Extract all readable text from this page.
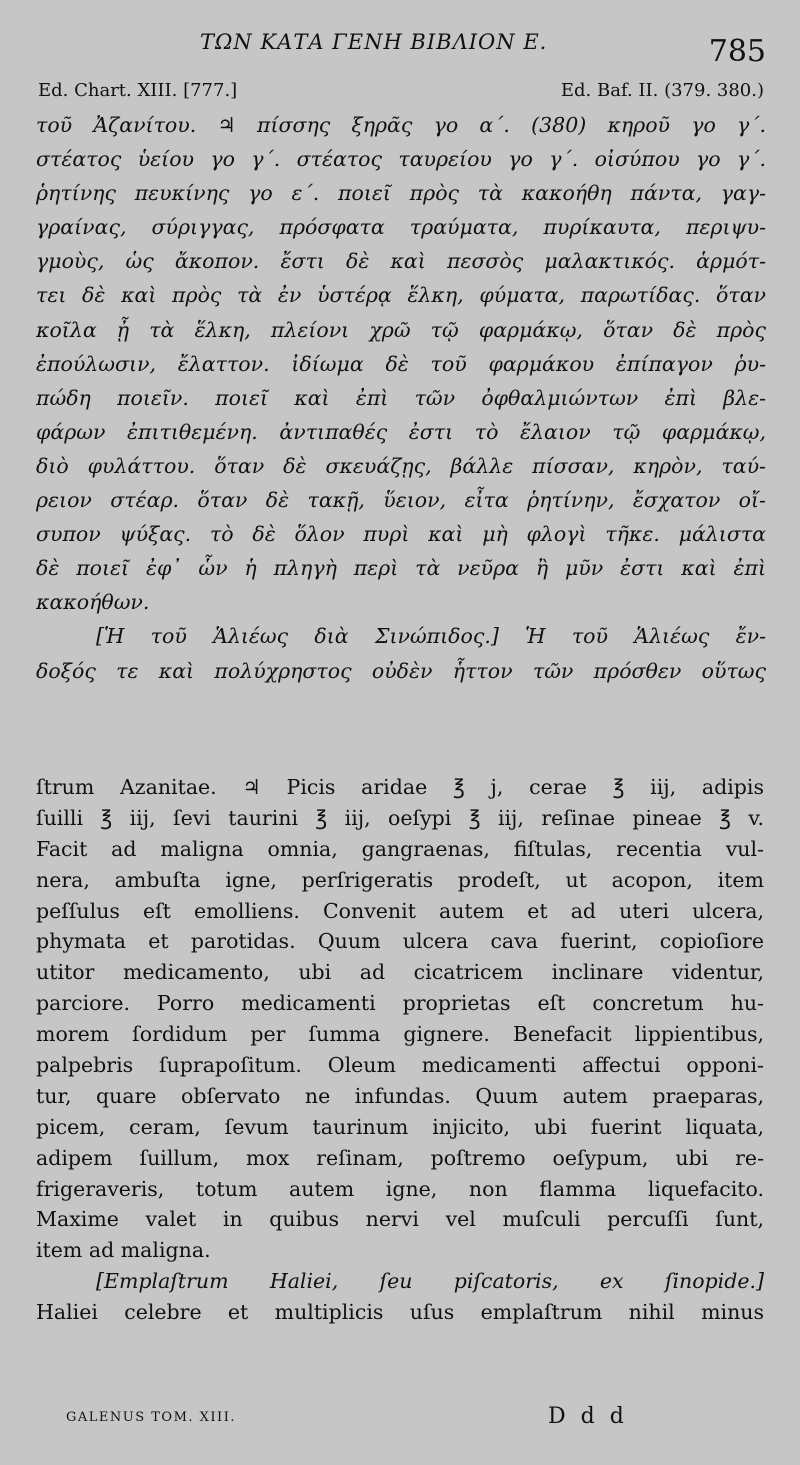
ΤΩΝ ΚΑΤΑ ΓΕΝΗ ΒΙΒΛΙΟΝ Ε.	785
Ed. Chart. XIII. [777.]	Ed. Baf. II. (379. 380.)
τοῦ Ἀζανίτου. ♃ πίσσης ξηρᾶς γο α΄. (380) κηροῦ γο γ΄.
στέατος ὑείου γο γ΄. στέατος ταυρείου γο γ΄. οἰσύπου γο γ΄.
ῥητίνης πευκίνης γο ε΄. ποιεῖ πρὸς τὰ κακοήθη πάντα, γαγ-
γραίνας, σύριγγας, πρόσφατα τραύματα, πυρίκαυτα, περιψυ-
γμοὺς, ὡς ἄκοπον. ἔστι δὲ καὶ πεσσὸς μαλακτικός. ἁρμότ-
τει δὲ καὶ πρὸς τὰ ἐν ὑστέρᾳ ἕλκη, φύματα, παρωτίδας. ὅταν
κοῖλα ᾖ τὰ ἕλκη, πλείονι χρῶ τῷ φαρμάκῳ, ὅταν δὲ πρὸς
ἐπούλωσιν, ἔλαττον. ἰδίωμα δὲ τοῦ φαρμάκου ἐπίπαγον ῥυ-
πώδη ποιεῖν. ποιεῖ καὶ ἐπὶ τῶν ὀφθαλμιώντων ἐπὶ βλε-
φάρων ἐπιτιθεμένη. ἀντιπαθές ἐστι τὸ ἔλαιον τῷ φαρμάκῳ,
διὸ φυλάττου. ὅταν δὲ σκευάζῃς, βάλλε πίσσαν, κηρὸν, ταύ-
ρειον στέαρ. ὅταν δὲ τακῇ, ὕειον, εἶτα ῥητίνην, ἔσχατον οἴ-
συπον ψύξας. τὸ δὲ ὅλον πυρὶ καὶ μὴ φλογὶ τῆκε. μάλιστα
δὲ ποιεῖ ἐφ᾽ ὧν ἡ πληγὴ περὶ τὰ νεῦρα ἢ μῦν ἐστι καὶ ἐπὶ
κακοήθων.
[Ἡ τοῦ Ἁλιέως διὰ Σινώπιδος.] Ἡ τοῦ Ἁλιέως ἔν-
δοξός τε καὶ πολύχρηστος οὐδὲν ἧττον τῶν πρόσθεν οὕτως
ſtrum Azanitae. ♃ Picis aridae ℥ j, cerae ℥ iij, adipis
ſuilli ℥ iij, ſevi taurini ℥ iij, oeſypi ℥ iij, reſinae pineae ℥ v.
Facit ad maligna omnia, gangraenas, fiſtulas, recentia vul-
nera, ambuſta igne, perſrigeratis prodeſt, ut acopon, item
peſſulus eſt emolliens. Convenit autem et ad uteri ulcera,
phymata et parotidas. Quum ulcera cava fuerint, copioſiore
utitor medicamento, ubi ad cicatricem inclinare videntur,
parciore. Porro medicamenti proprietas eſt concretum hu-
morem ſordidum per ſumma gignere. Benefacit lippientibus,
palpebris ſuprapoſitum. Oleum medicamenti affectui opponi-
tur, quare obſervato ne infundas. Quum autem praeparas,
picem, ceram, ſevum taurinum injicito, ubi fuerint liquata,
adipem ſuillum, mox reſinam, poſtremo oeſypum, ubi re-
frigeraveris, totum autem igne, non flamma liquefacito.
Maxime valet in quibus nervi vel muſculi percuſſi ſunt,
item ad maligna.
[Emplaſtrum Haliei, ſeu piſcatoris, ex ſinopide.]
Haliei celebre et multiplicis uſus emplaſtrum nihil minus
GALENUS TOM. XIII.	D d d
